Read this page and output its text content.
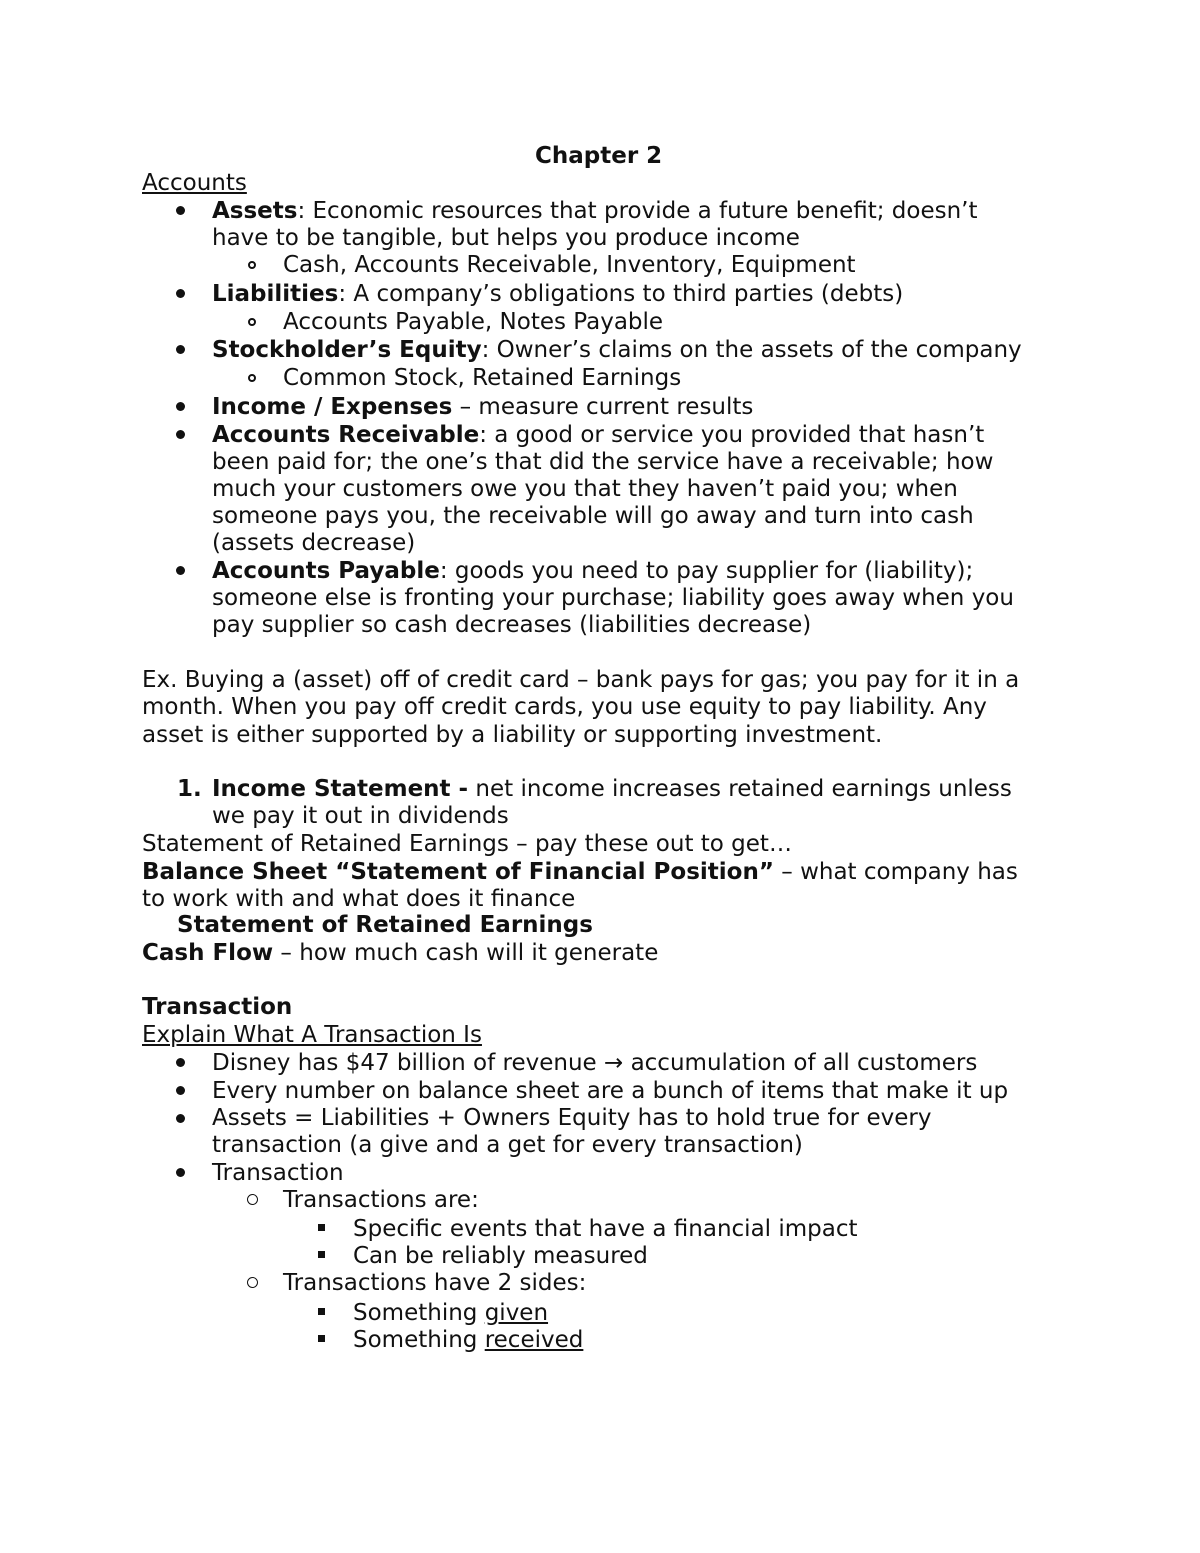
Chapter 2
Accounts
Assets: Economic resources that provide a future benefit; doesn’t
have to be tangible, but helps you produce income
Cash, Accounts Receivable, Inventory, Equipment
Liabilities: A company’s obligations to third parties (debts)
Accounts Payable, Notes Payable
Stockholder’s Equity: Owner’s claims on the assets of the company
Common Stock, Retained Earnings
Income / Expenses – measure current results
Accounts Receivable: a good or service you provided that hasn’t
been paid for; the one’s that did the service have a receivable; how
much your customers owe you that they haven’t paid you; when
someone pays you, the receivable will go away and turn into cash
(assets decrease)
Accounts Payable: goods you need to pay supplier for (liability);
someone else is fronting your purchase; liability goes away when you
pay supplier so cash decreases (liabilities decrease)
Ex. Buying a (asset) off of credit card – bank pays for gas; you pay for it in a
month. When you pay off credit cards, you use equity to pay liability. Any
asset is either supported by a liability or supporting investment.
1. Income Statement - net income increases retained earnings unless
we pay it out in dividends
Statement of Retained Earnings – pay these out to get…
Balance Sheet “Statement of Financial Position” – what company has
to work with and what does it finance
Statement of Retained Earnings
Cash Flow – how much cash will it generate
Transaction
Explain What A Transaction Is
Disney has $47 billion of revenue → accumulation of all customers
Every number on balance sheet are a bunch of items that make it up
Assets = Liabilities + Owners Equity has to hold true for every
transaction (a give and a get for every transaction)
Transaction
Transactions are:
Specific events that have a financial impact
Can be reliably measured
Transactions have 2 sides:
Something given
Something received
